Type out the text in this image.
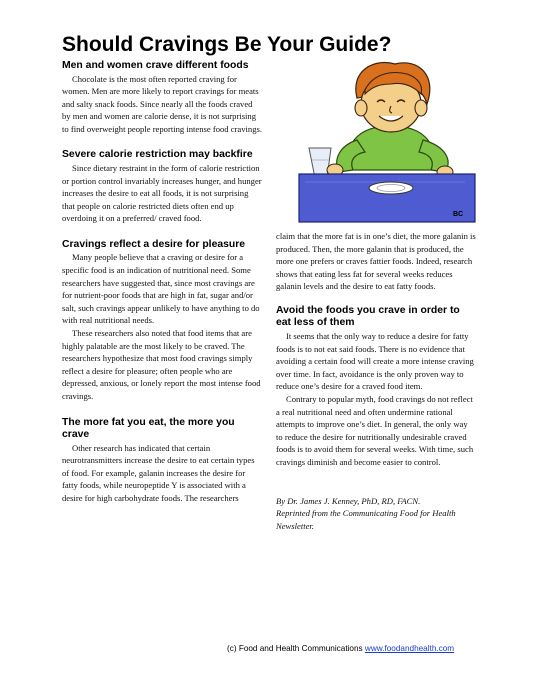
Should Cravings Be Your Guide?
Men and women crave different foods

Chocolate is the most often reported craving for women. Men are more likely to report cravings for meats and salty snack foods. Since nearly all the foods craved by men and women are calorie dense, it is not surprising to find overweight people reporting intense food cravings.

Severe calorie restriction may backfire

Since dietary restraint in the form of calorie restriction or portion control invariably increases hunger, and hunger increases the desire to eat all foods, it is not surprising that people on calorie restricted diets often end up overdoing it on a preferred/ craved food.

Cravings reflect a desire for pleasure

Many people believe that a craving or desire for a specific food is an indication of nutritional need. Some researchers have suggested that, since most cravings are for nutrient-poor foods that are high in fat, sugar and/or salt, such cravings appear unlikely to have anything to do with real nutritional needs.

These researchers also noted that food items that are highly palatable are the most likely to be craved. The researchers hypothesize that most food cravings simply reflect a desire for pleasure; often people who are depressed, anxious, or lonely report the most intense food cravings.

The more fat you eat, the more you crave

Other research has indicated that certain neurotransmitters increase the desire to eat certain types of food. For example, galanin increases the desire for fatty foods, while neuropeptide Y is associated with a desire for high carbohydrate foods. The researchers

BC

claim that the more fat is in one’s diet, the more galanin is produced. Then, the more galanin that is produced, the more one prefers or craves fattier foods. Indeed, research shows that eating less fat for several weeks reduces galanin levels and the desire to eat fatty foods.

Avoid the foods you crave in order to eat less of them

It seems that the only way to reduce a desire for fatty foods is to not eat said foods. There is no evidence that avoiding a certain food will create a more intense craving over time. In fact, avoidance is the only proven way to reduce one’s desire for a craved food item.

Contrary to popular myth, food cravings do not reflect a real nutritional need and often undermine rational attempts to improve one’s diet. In general, the only way to reduce the desire for nutritionally undesirable craved foods is to avoid them for several weeks. With time, such cravings diminish and become easier to control.

By Dr. James J. Kenney, PhD, RD, FACN.

Reprinted from the Communicating Food for Health Newsletter.

(c) Food and Health Communications www.foodandhealth.com
